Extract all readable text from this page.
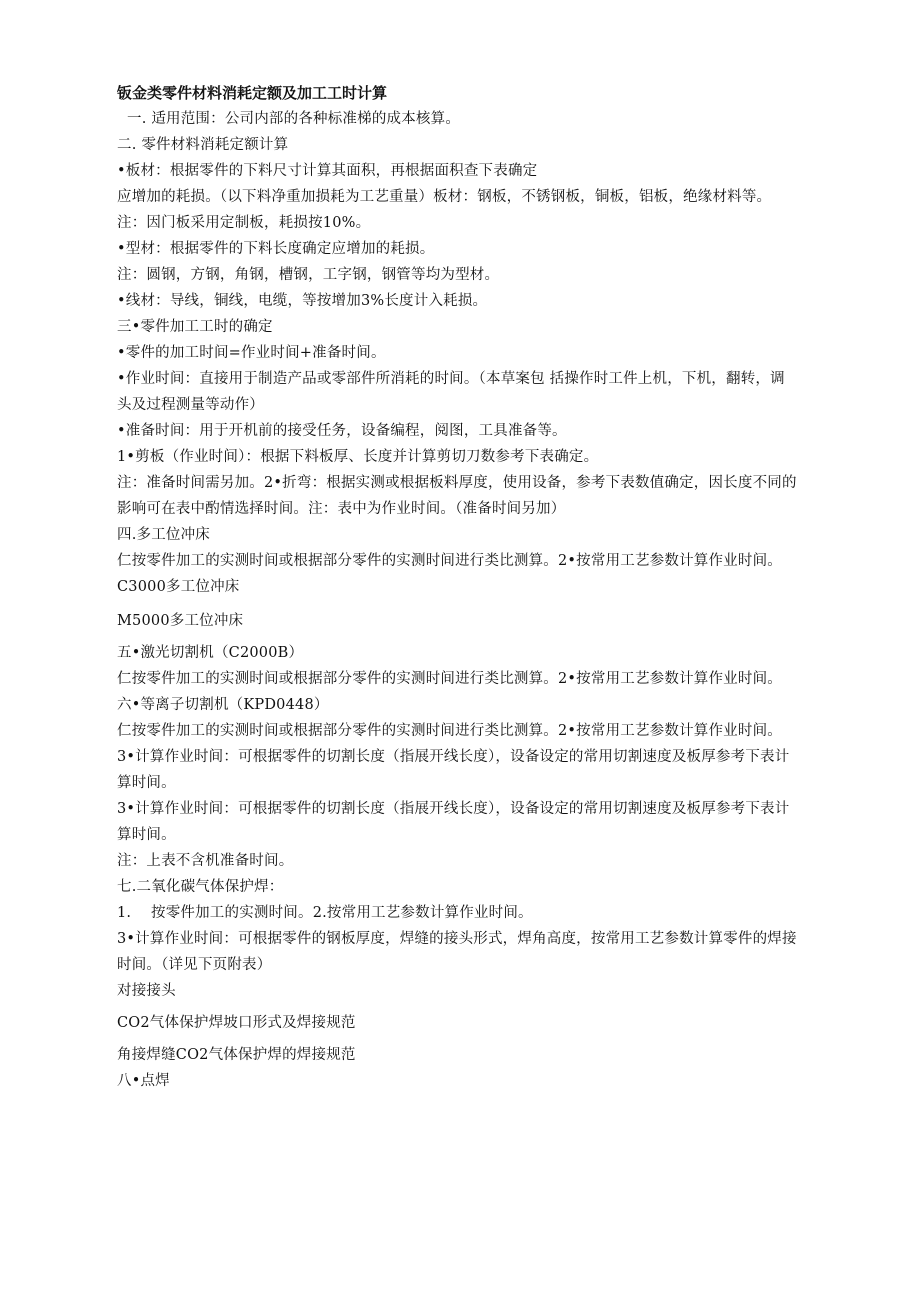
钣金类零件材料消耗定额及加工工时计算
一. 适用范围：公司内部的各种标准梯的成本核算。
二. 零件材料消耗定额计算
•板材：根据零件的下料尺寸计算其面积，再根据面积查下表确定
应增加的耗损。（以下料净重加损耗为工艺重量）板材：钢板，不锈钢板，铜板，铝板，绝缘材料等。
注：因门板采用定制板，耗损按10%。
•型材：根据零件的下料长度确定应增加的耗损。
注：圆钢，方钢，角钢，槽钢，工字钢，钢管等均为型材。
•线材：导线，铜线，电缆，等按增加3%长度计入耗损。
三•零件加工工时的确定
•零件的加工时间=作业时间+准备时间。
•作业时间：直接用于制造产品或零部件所消耗的时间。（本草案包 括操作时工件上机，下机，翻转，调头及过程测量等动作）
•准备时间：用于开机前的接受任务，设备编程，阅图，工具准备等。
1•剪板（作业时间）：根据下料板厚、长度并计算剪切刀数参考下表确定。
注：准备时间需另加。2•折弯：根据实测或根据板料厚度，使用设备，参考下表数值确定，因长度不同的影响可在表中酌情选择时间。注：表中为作业时间。（准备时间另加）
四.多工位冲床
仁按零件加工的实测时间或根据部分零件的实测时间进行类比测算。2•按常用工艺参数计算作业时间。C3000多工位冲床
M5000多工位冲床
五•激光切割机（C2000B）
仁按零件加工的实测时间或根据部分零件的实测时间进行类比测算。2•按常用工艺参数计算作业时间。
六•等离子切割机（KPD0448）
仁按零件加工的实测时间或根据部分零件的实测时间进行类比测算。2•按常用工艺参数计算作业时间。
3•计算作业时间：可根据零件的切割长度（指展开线长度），设备设定的常用切割速度及板厚参考下表计算时间。
3•计算作业时间：可根据零件的切割长度（指展开线长度），设备设定的常用切割速度及板厚参考下表计算时间。
注：上表不含机准备时间。
七.二氧化碳气体保护焊：
1. 按零件加工的实测时间。2.按常用工艺参数计算作业时间。
3•计算作业时间：可根据零件的钢板厚度，焊缝的接头形式，焊角高度，按常用工艺参数计算零件的焊接时间。（详见下页附表）
对接接头
CO2气体保护焊坡口形式及焊接规范
角接焊缝CO2气体保护焊的焊接规范
八•点焊
